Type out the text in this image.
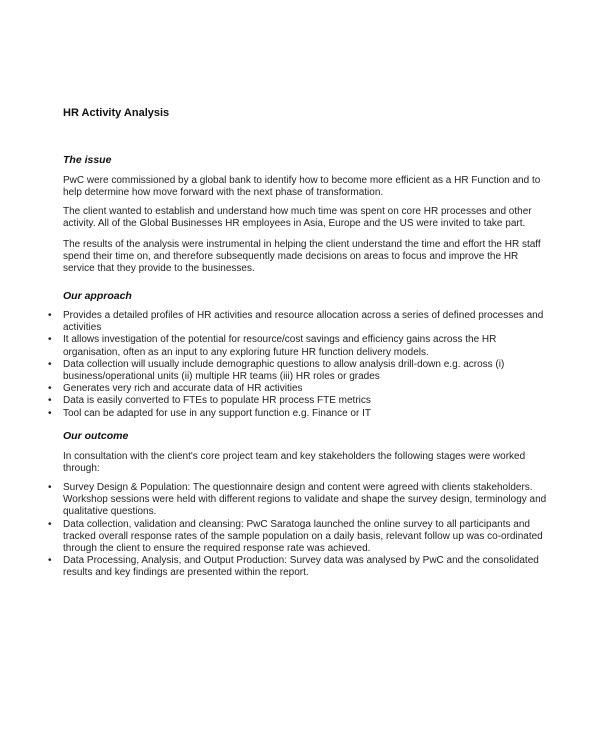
HR Activity Analysis
The issue

PwC were commissioned by a global bank to identify how to become more efficient as a HR Function and to help determine how move forward with the next phase of transformation.

The client wanted to establish and understand how much time was spent on core HR processes and other activity. All of the Global Businesses HR employees in Asia, Europe and the US were invited to take part.

The results of the analysis were instrumental in helping the client understand the time and effort the HR staff spend their time on, and therefore subsequently made decisions on areas to focus and improve the HR service that they provide to the businesses.

Our approach
• Provides a detailed profiles of HR activities and resource allocation across a series of defined processes and activities
• It allows investigation of the potential for resource/cost savings and efficiency gains across the HR organisation, often as an input to any exploring future HR function delivery models.
• Data collection will usually include demographic questions to allow analysis drill-down e.g. across (i) business/operational units (ii) multiple HR teams (iii) HR roles or grades
• Generates very rich and accurate data of HR activities
• Data is easily converted to FTEs to populate HR process FTE metrics
• Tool can be adapted for use in any support function e.g. Finance or IT
Our outcome

In consultation with the client's core project team and key stakeholders the following stages were worked through:

• Survey Design & Population: The questionnaire design and content were agreed with clients stakeholders. Workshop sessions were held with different regions to validate and shape the survey design, terminology and qualitative questions.
• Data collection, validation and cleansing: PwC Saratoga launched the online survey to all participants and tracked overall response rates of the sample population on a daily basis, relevant follow up was co-ordinated through the client to ensure the required response rate was achieved.
• Data Processing, Analysis, and Output Production: Survey data was analysed by PwC and the consolidated results and key findings are presented within the report.
